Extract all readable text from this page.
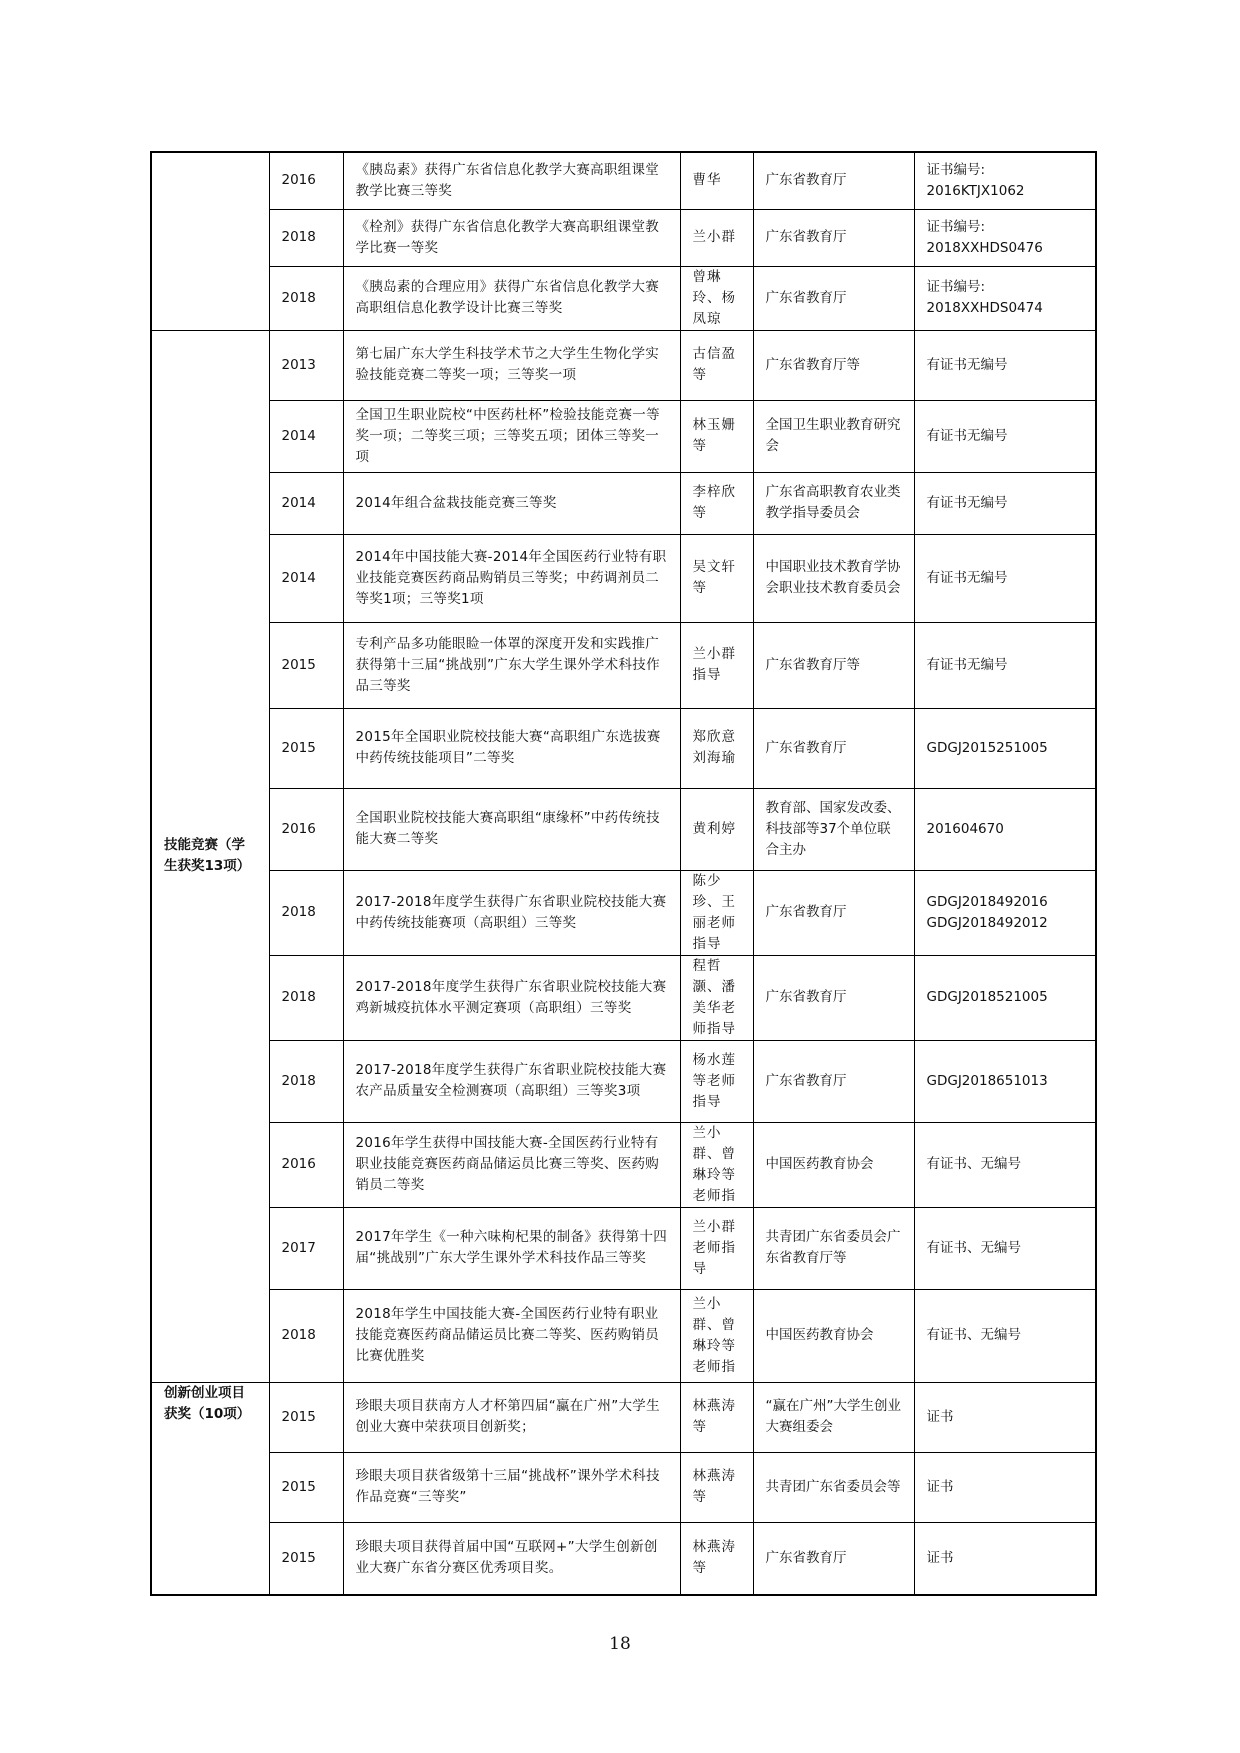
	2016	《胰岛素》获得广东省信息化教学大赛高职组课堂教学比赛三等奖	曹华	广东省教育厅	证书编号:
2016KTJX1062

	2018	《栓剂》获得广东省信息化教学大赛高职组课堂教学比赛一等奖	兰小群	广东省教育厅	证书编号:
2018XXHDS0476

	2018	《胰岛素的合理应用》获得广东省信息化教学大赛高职组信息化教学设计比赛三等奖	曾琳玲、杨凤琼	广东省教育厅	证书编号:
2018XXHDS0474

技能竞赛（学生获奖13项）	2013	第七届广东大学生科技学术节之大学生生物化学实验技能竞赛二等奖一项；三等奖一项	古信盈等	广东省教育厅等	有证书无编号
	2014	全国卫生职业院校“中医药杜杯”检验技能竞赛一等奖一项；二等奖三项；三等奖五项；团体三等奖一项	林玉姗等	全国卫生职业教育研究会	有证书无编号
	2014	2014年组合盆栽技能竞赛三等奖	李梓欣等	广东省高职教育农业类教学指导委员会	有证书无编号
	2014	2014年中国技能大赛-2014年全国医药行业特有职业技能竞赛医药商品购销员三等奖；中药调剂员二等奖1项；三等奖1项	吴文轩等	中国职业技术教育学协会职业技术教育委员会	有证书无编号
	2015	专利产品多功能眼睑一体罩的深度开发和实践推广获得第十三届“挑战别”广东大学生课外学术科技作品三等奖	兰小群指导	广东省教育厅等	有证书无编号
	2015	2015年全国职业院校技能大赛“高职组广东选拔赛中药传统技能项目”二等奖	郑欣意刘海瑜	广东省教育厅	GDGJ2015251005
	2016	全国职业院校技能大赛高职组“康缘杯”中药传统技能大赛二等奖	黄利婷	教育部、国家发改委、科技部等37个单位联合主办	201604670
	2018	2017-2018年度学生获得广东省职业院校技能大赛中药传统技能赛项（高职组）三等奖	陈少珍、王丽老师指导	广东省教育厅	GDGJ2018492016
GDGJ2018492012

	2018	2017-2018年度学生获得广东省职业院校技能大赛鸡新城疫抗体水平测定赛项（高职组）三等奖	程哲灏、潘美华老师指导	广东省教育厅	GDGJ2018521005
	2018	2017-2018年度学生获得广东省职业院校技能大赛农产品质量安全检测赛项（高职组）三等奖3项	杨水莲等老师指导	广东省教育厅	GDGJ2018651013
	2016	2016年学生获得中国技能大赛-全国医药行业特有职业技能竞赛医药商品储运员比赛三等奖、医药购销员二等奖	兰小群、曾琳玲等老师指	中国医药教育协会	有证书、无编号
	2017	2017年学生《一种六味枸杞果的制备》获得第十四届“挑战别”广东大学生课外学术科技作品三等奖	兰小群老师指导	共青团广东省委员会广东省教育厅等	有证书、无编号
	2018	2018年学生中国技能大赛-全国医药行业特有职业技能竞赛医药商品储运员比赛二等奖、医药购销员比赛优胜奖	兰小群、曾琳玲等老师指	中国医药教育协会	有证书、无编号
创新创业项目获奖（10项）	2015	珍眼夫项目获南方人才杯第四届“赢在广州”大学生创业大赛中荣获项目创新奖；	林燕涛等	“赢在广州”大学生创业大赛组委会	证书
	2015	珍眼夫项目获省级第十三届“挑战杯”课外学术科技作品竞赛“三等奖”	林燕涛等	共青团广东省委员会等	证书
	2015	珍眼夫项目获得首届中国“互联网+”大学生创新创业大赛广东省分赛区优秀项目奖。	林燕涛等	广东省教育厅	证书
18
